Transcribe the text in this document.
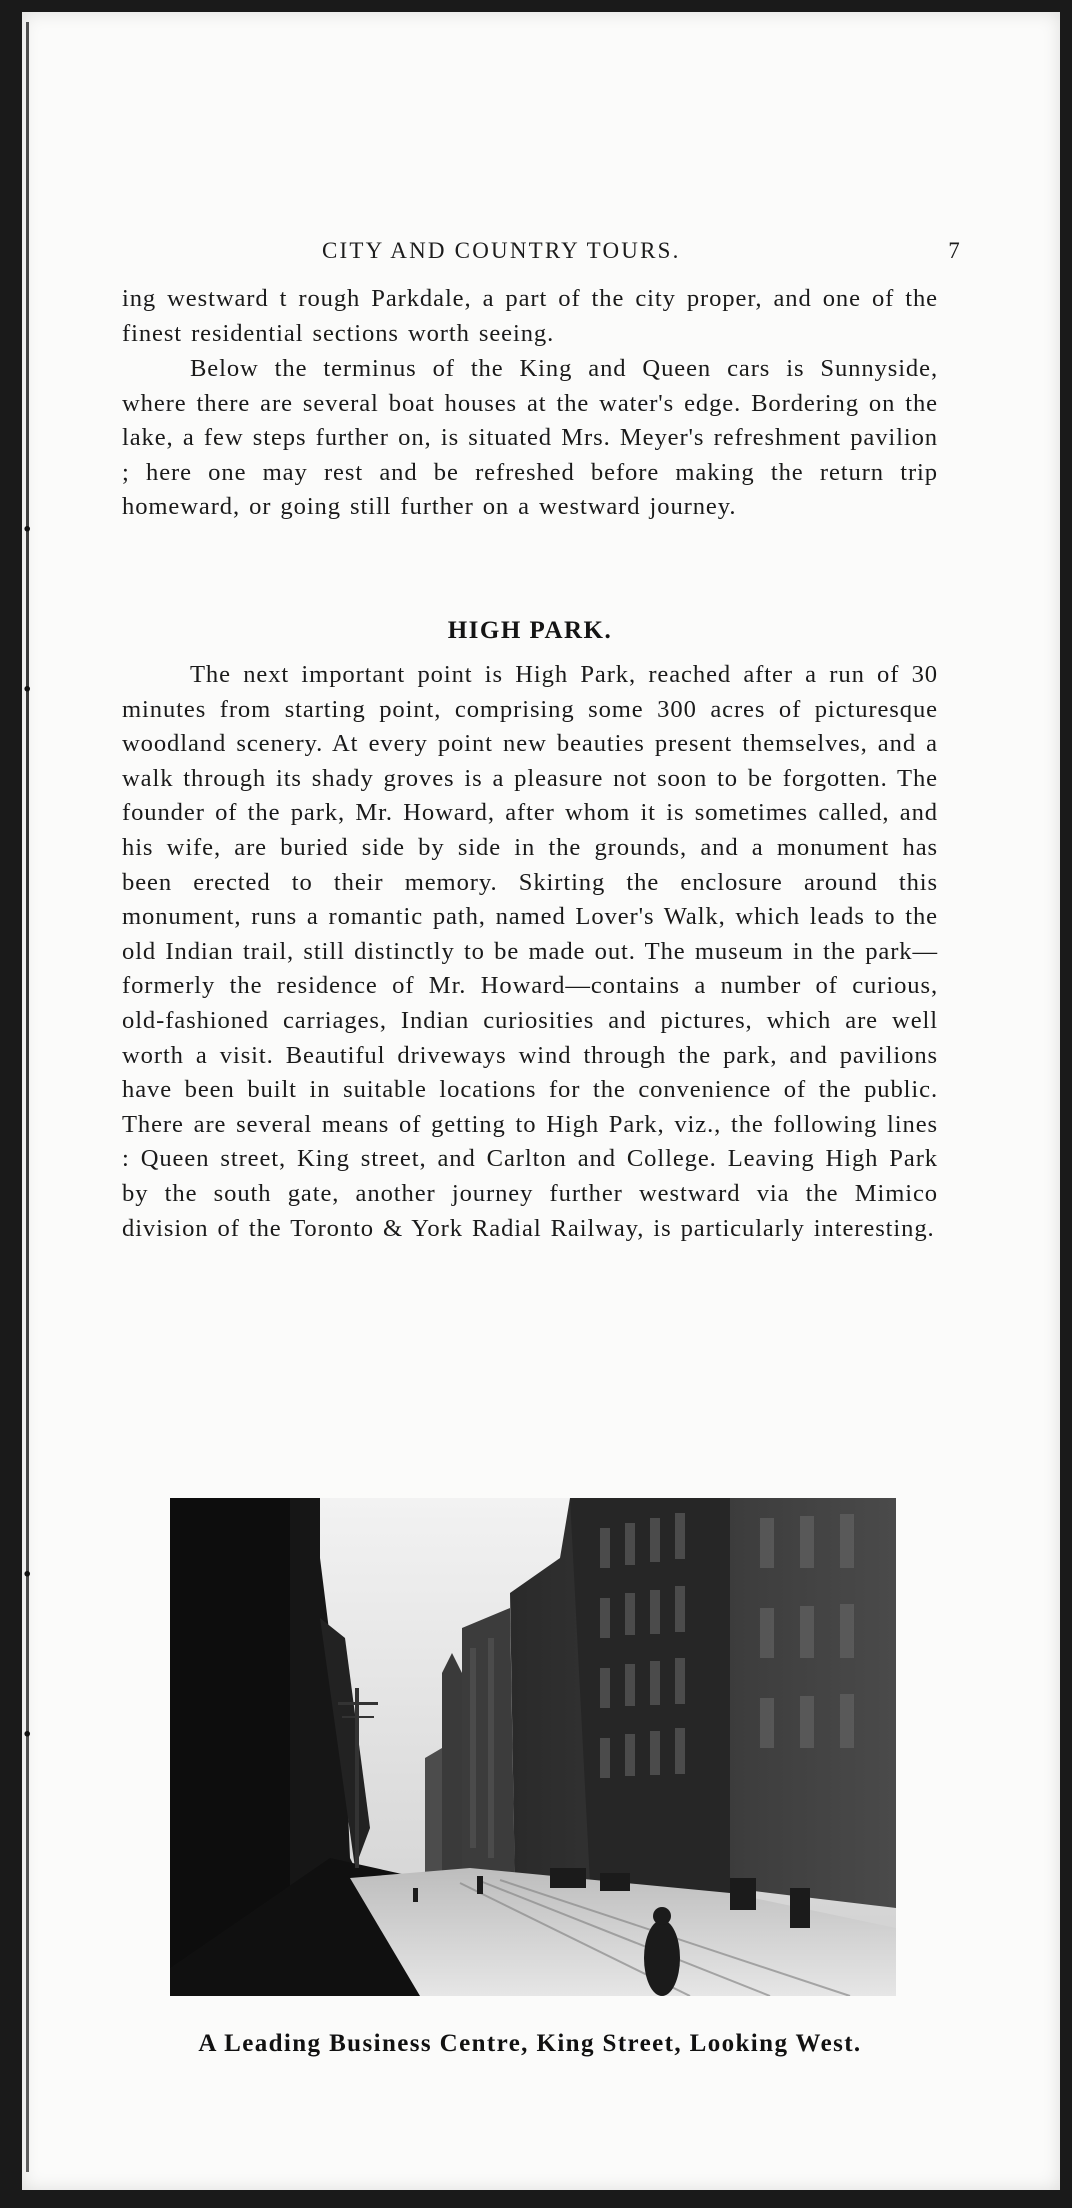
·
·
·
·
CITY AND COUNTRY TOURS.	7

ing westward t rough Parkdale, a part of the city proper, and one of the finest residential sections worth seeing.

Below the terminus of the King and Queen cars is Sunnyside, where there are several boat houses at the water's edge. Bordering on the lake, a few steps further on, is situated Mrs. Meyer's refreshment pavilion ; here one may rest and be refreshed before making the return trip homeward, or going still further on a westward journey.

HIGH PARK.

The next important point is High Park, reached after a run of 30 minutes from starting point, comprising some 300 acres of picturesque woodland scenery. At every point new beauties present themselves, and a walk through its shady groves is a pleasure not soon to be forgotten. The founder of the park, Mr. Howard, after whom it is sometimes called, and his wife, are buried side by side in the grounds, and a monument has been erected to their memory. Skirting the enclosure around this monument, runs a romantic path, named Lover's Walk, which leads to the old Indian trail, still distinctly to be made out. The museum in the park—formerly the residence of Mr. Howard—contains a number of curious, old-fashioned carriages, Indian curiosities and pictures, which are well worth a visit. Beautiful driveways wind through the park, and pavilions have been built in suitable locations for the convenience of the public. There are several means of getting to High Park, viz., the following lines : Queen street, King street, and Carlton and College. Leaving High Park by the south gate, another journey further westward via the Mimico division of the Toronto & York Radial Railway, is particularly interesting.

A Leading Business Centre, King Street, Looking West.
